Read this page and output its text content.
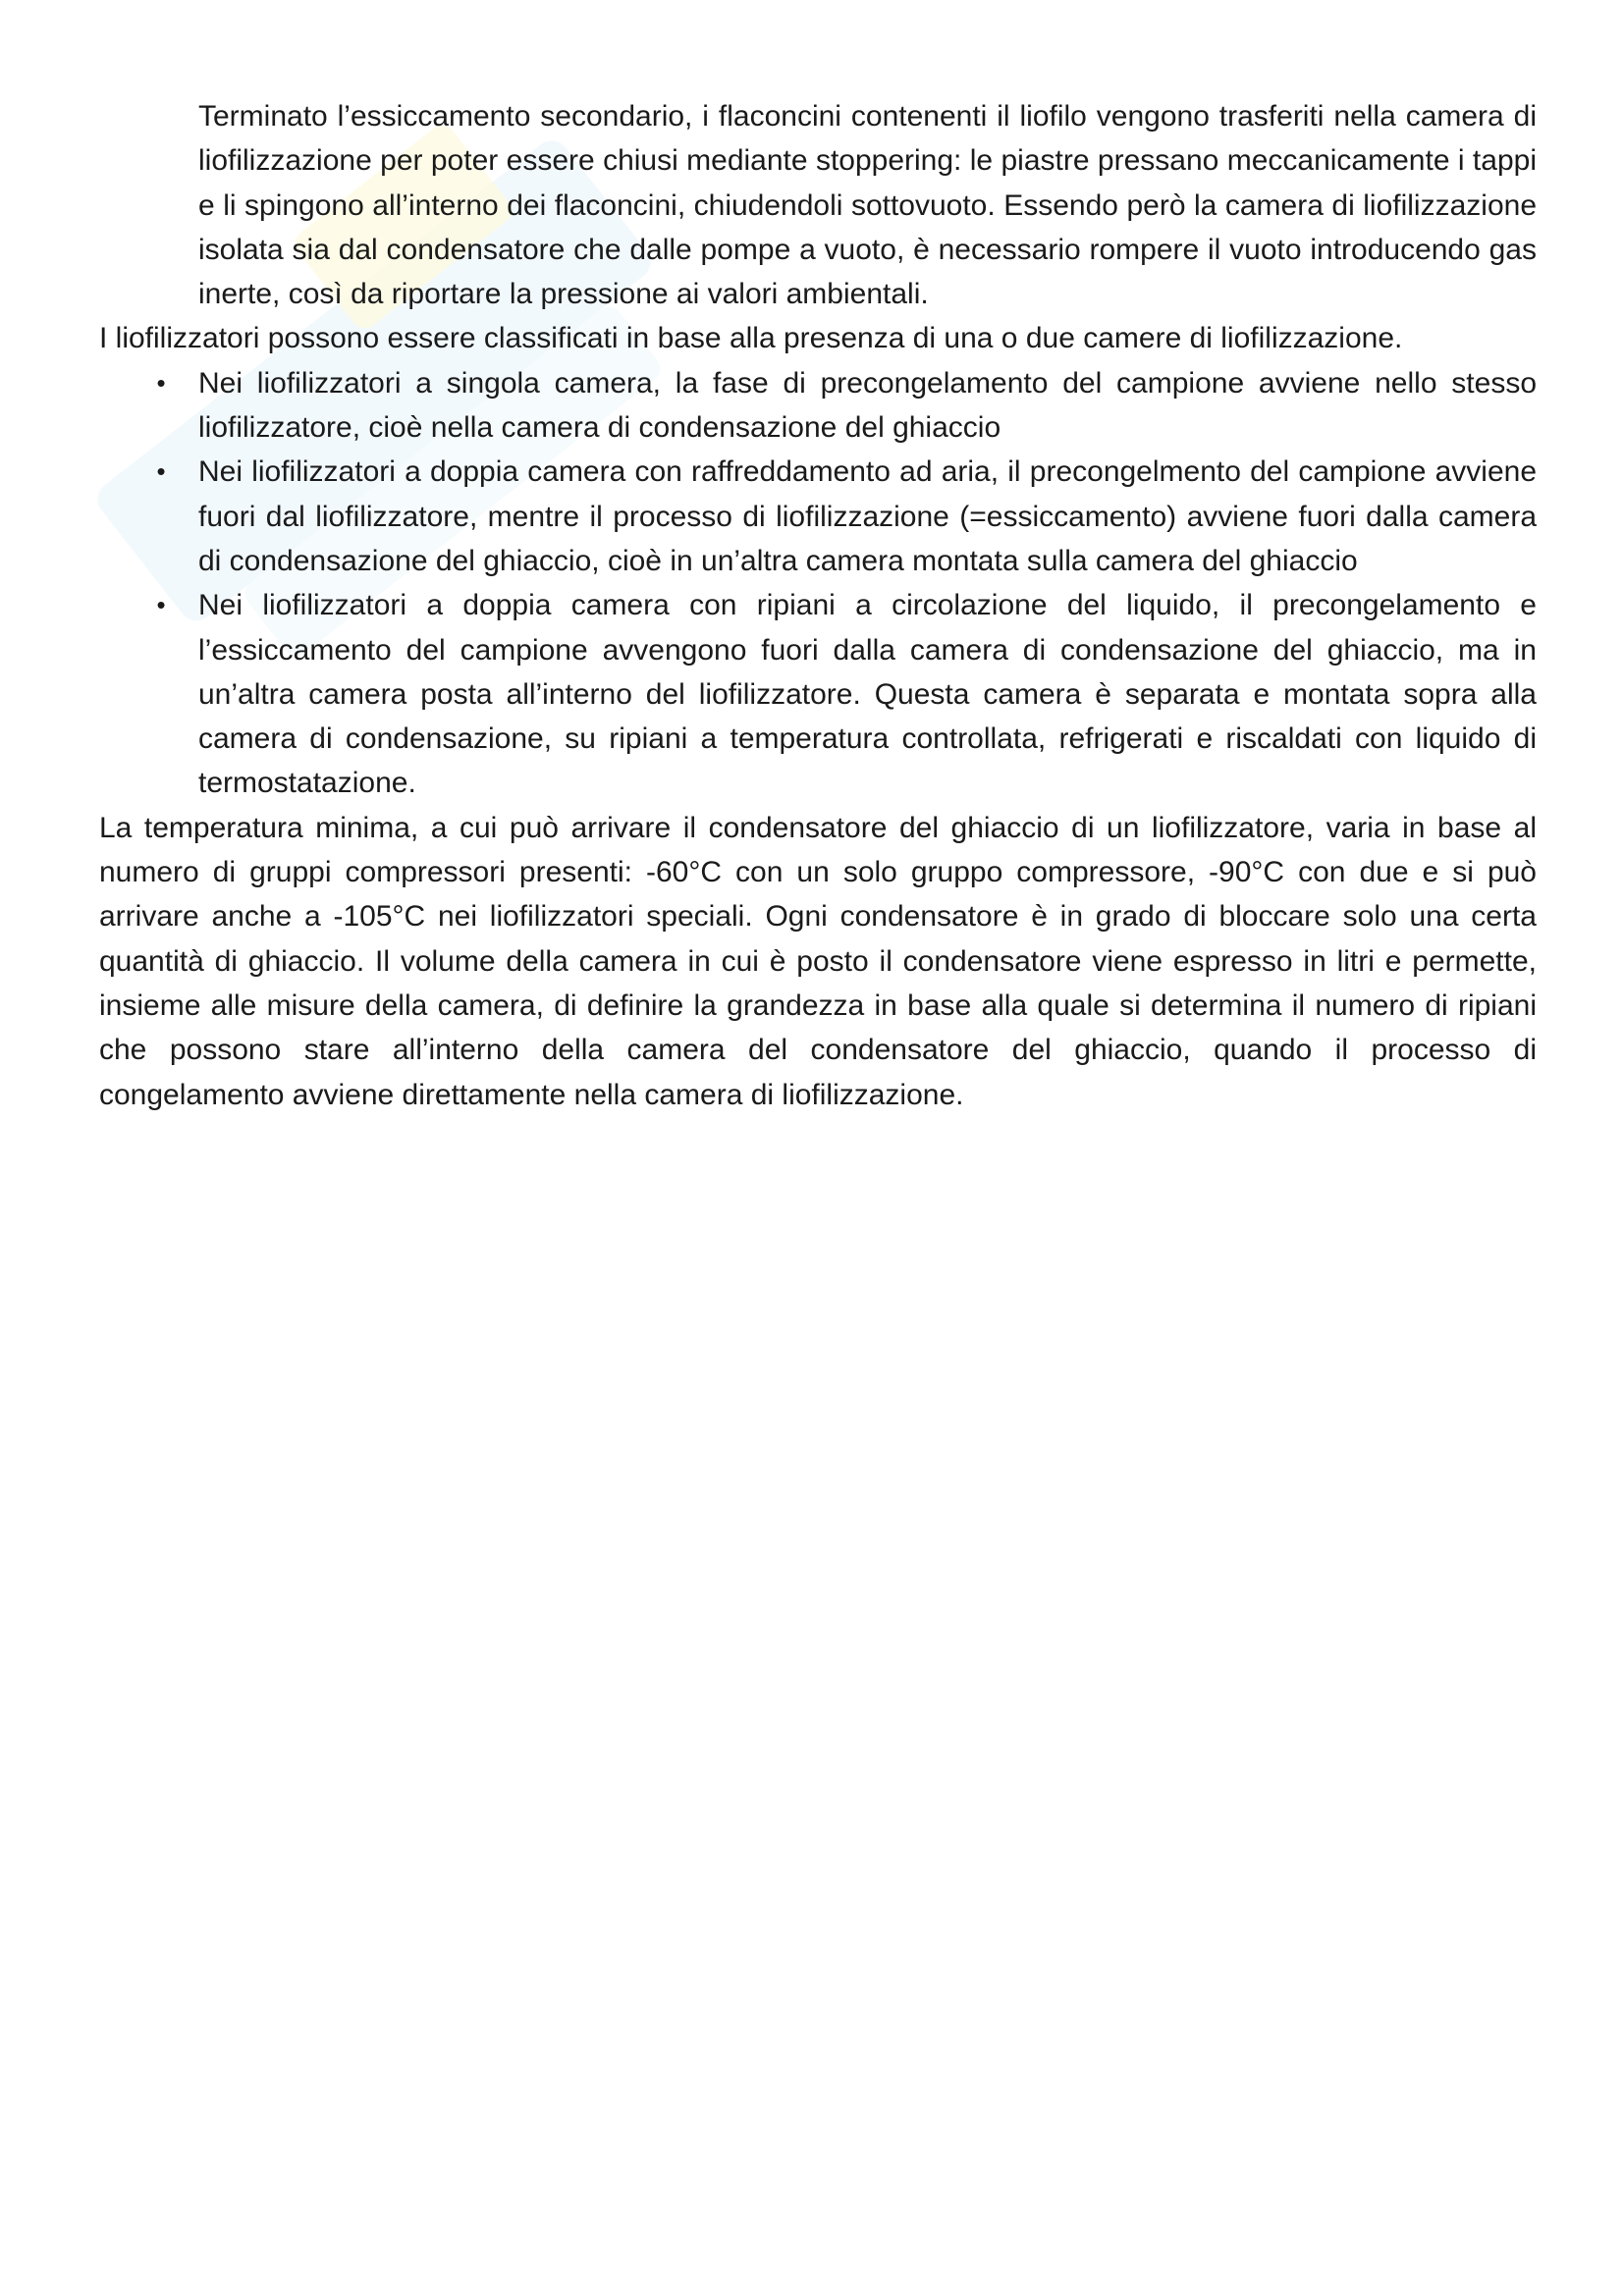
Terminato l’essiccamento secondario, i flaconcini contenenti il liofilo vengono trasferiti nella camera di liofilizzazione per poter essere chiusi mediante stoppering: le piastre pressano meccanicamente i tappi e li spingono all’interno dei flaconcini, chiudendoli sottovuoto. Essendo però la camera di liofilizzazione isolata sia dal condensatore che dalle pompe a vuoto, è necessario rompere il vuoto introducendo gas inerte, così da riportare la pressione ai valori ambientali.

I liofilizzatori possono essere classificati in base alla presenza di una o due camere di liofilizzazione.

• Nei liofilizzatori a singola camera, la fase di precongelamento del campione avviene nello stesso liofilizzatore, cioè nella camera di condensazione del ghiaccio
• Nei liofilizzatori a doppia camera con raffreddamento ad aria, il precongelmento del campione avviene fuori dal liofilizzatore, mentre il processo di liofilizzazione (=essiccamento) avviene fuori dalla camera di condensazione del ghiaccio, cioè in un’altra camera montata sulla camera del ghiaccio
• Nei liofilizzatori a doppia camera con ripiani a circolazione del liquido, il precongelamento e l’essiccamento del campione avvengono fuori dalla camera di condensazione del ghiaccio, ma in un’altra camera posta all’interno del liofilizzatore. Questa camera è separata e montata sopra alla camera di condensazione, su ripiani a temperatura controllata, refrigerati e riscaldati con liquido di termostatazione.

La temperatura minima, a cui può arrivare il condensatore del ghiaccio di un liofilizzatore, varia in base al numero di gruppi compressori presenti: -60°C con un solo gruppo compressore, -90°C con due e si può arrivare anche a -105°C nei liofilizzatori speciali. Ogni condensatore è in grado di bloccare solo una certa quantità di ghiaccio. Il volume della camera in cui è posto il condensatore viene espresso in litri e permette, insieme alle misure della camera, di definire la grandezza in base alla quale si determina il numero di ripiani che possono stare all’interno della camera del condensatore del ghiaccio, quando il processo di congelamento avviene direttamente nella camera di liofilizzazione.
